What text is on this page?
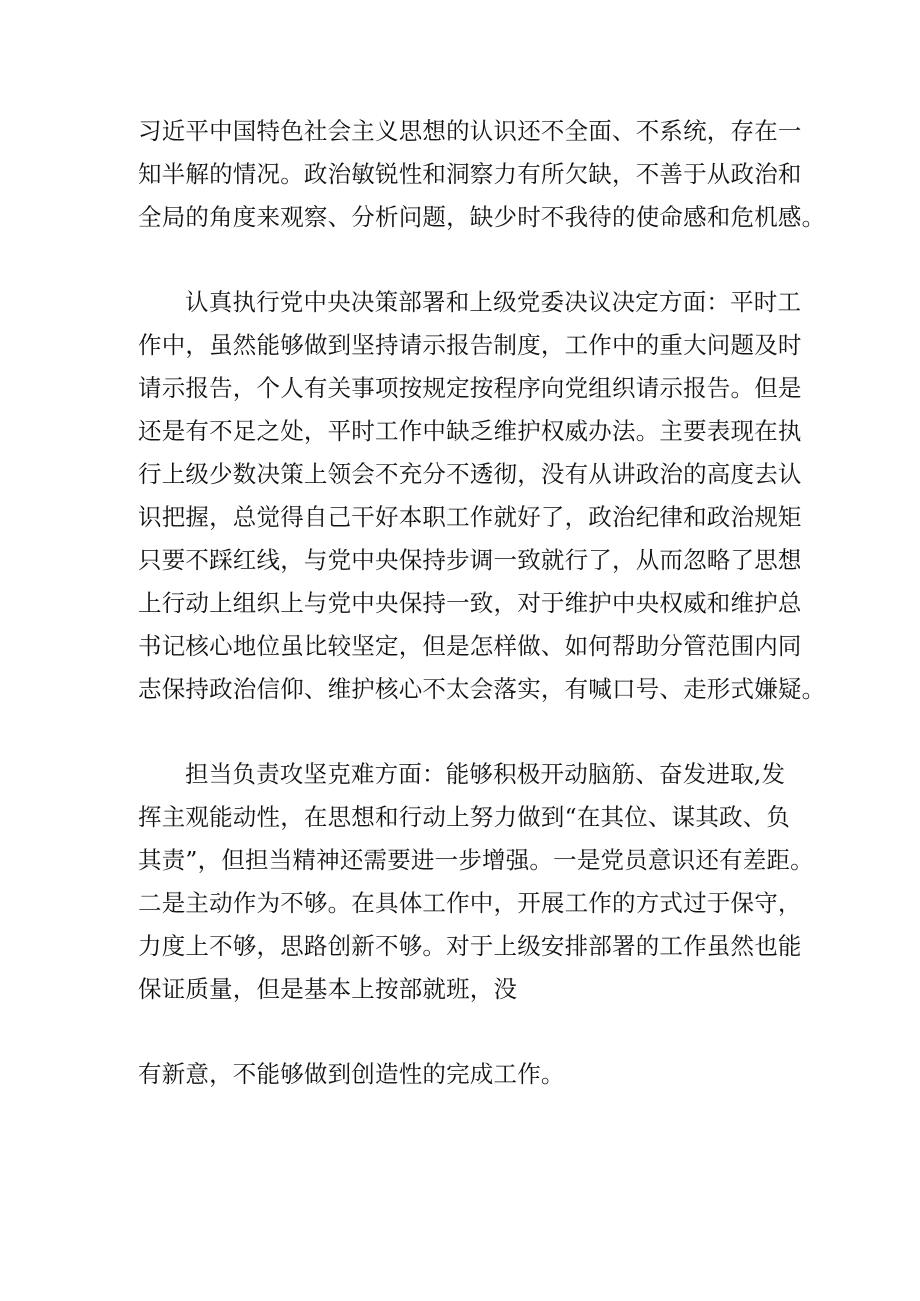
习近平中国特色社会主义思想的认识还不全面、不系统，存在一
知半解的情况。政治敏锐性和洞察力有所欠缺，不善于从政治和
全局的角度来观察、分析问题，缺少时不我待的使命感和危机感。
认真执行党中央决策部署和上级党委决议决定方面：平时工
作中，虽然能够做到坚持请示报告制度，工作中的重大问题及时
请示报告，个人有关事项按规定按程序向党组织请示报告。但是
还是有不足之处，平时工作中缺乏维护权威办法。主要表现在执
行上级少数决策上领会不充分不透彻，没有从讲政治的高度去认
识把握，总觉得自己干好本职工作就好了，政治纪律和政治规矩
只要不踩红线，与党中央保持步调一致就行了，从而忽略了思想
上行动上组织上与党中央保持一致，对于维护中央权威和维护总
书记核心地位虽比较坚定，但是怎样做、如何帮助分管范围内同
志保持政治信仰、维护核心不太会落实，有喊口号、走形式嫌疑。
担当负责攻坚克难方面：能够积极开动脑筋、奋发进取,发
挥主观能动性，在思想和行动上努力做到“在其位、谋其政、负
其责”，但担当精神还需要进一步增强。一是党员意识还有差距。
二是主动作为不够。在具体工作中，开展工作的方式过于保守，
力度上不够，思路创新不够。对于上级安排部署的工作虽然也能
保证质量，但是基本上按部就班，没
有新意，不能够做到创造性的完成工作。
